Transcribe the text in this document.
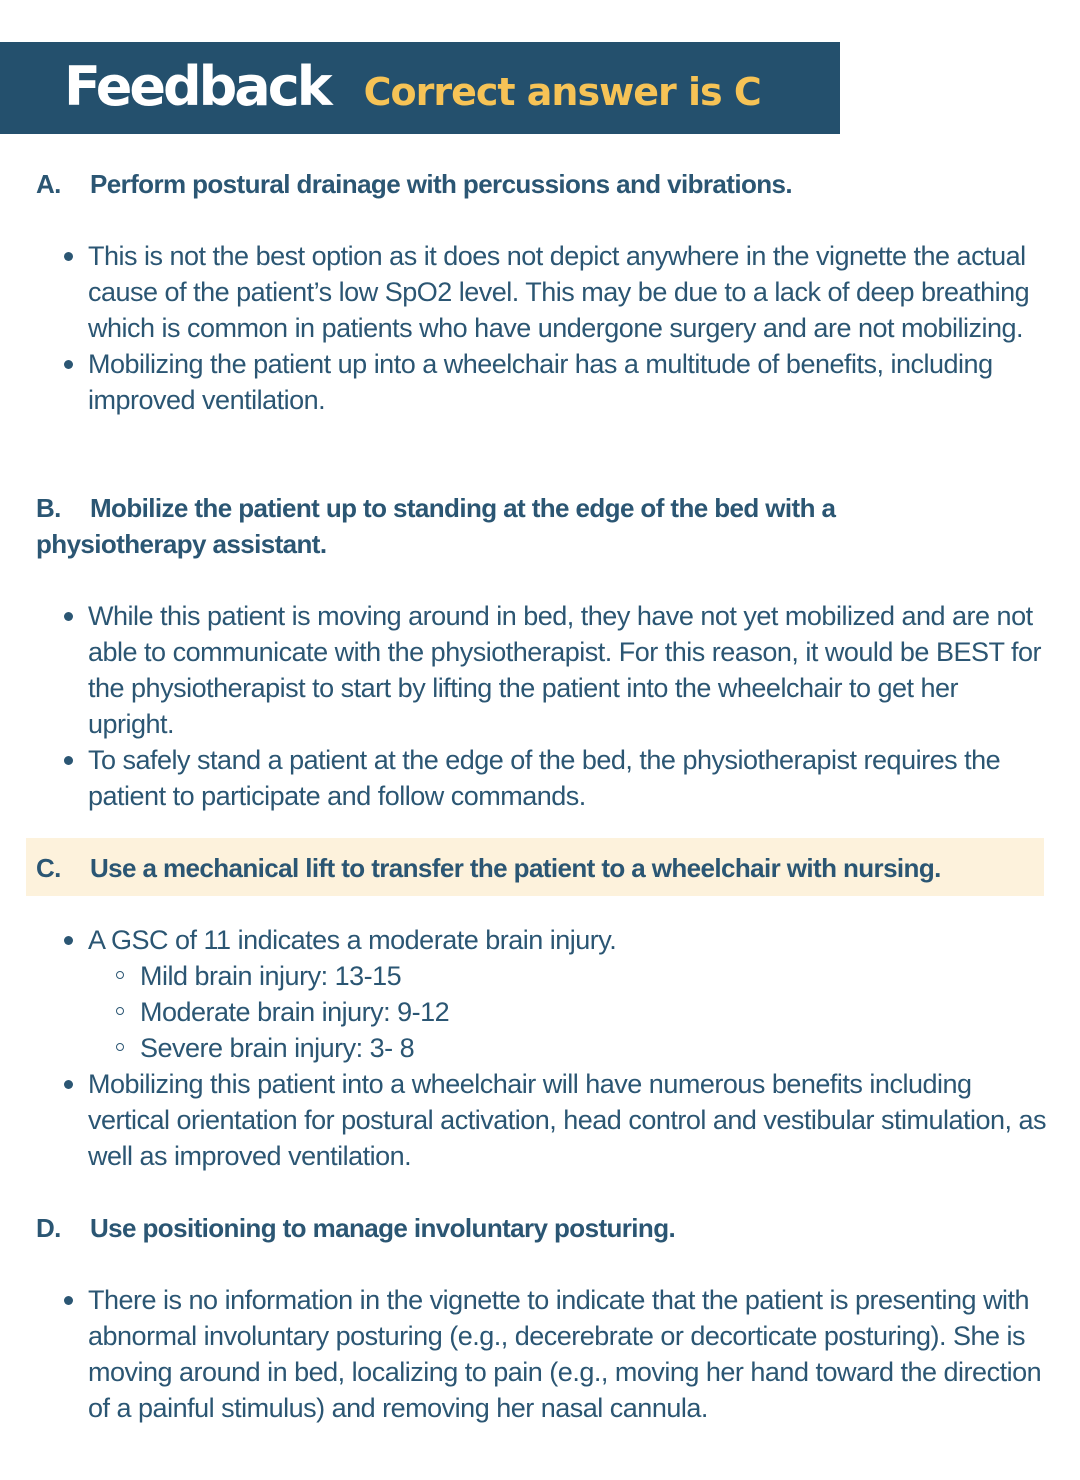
Feedback Correct answer is C
A. Perform postural drainage with percussions and vibrations.
This is not the best option as it does not depict anywhere in the vignette the actual cause of the patient’s low SpO2 level. This may be due to a lack of deep breathing which is common in patients who have undergone surgery and are not mobilizing.
Mobilizing the patient up into a wheelchair has a multitude of benefits, including improved ventilation.
B. Mobilize the patient up to standing at the edge of the bed with a physiotherapy assistant.
While this patient is moving around in bed, they have not yet mobilized and are not able to communicate with the physiotherapist. For this reason, it would be BEST for the physiotherapist to start by lifting the patient into the wheelchair to get her upright.
To safely stand a patient at the edge of the bed, the physiotherapist requires the patient to participate and follow commands.
C. Use a mechanical lift to transfer the patient to a wheelchair with nursing.
A GSC of 11 indicates a moderate brain injury.
Mild brain injury: 13-15
Moderate brain injury: 9-12
Severe brain injury: 3- 8
Mobilizing this patient into a wheelchair will have numerous benefits including vertical orientation for postural activation, head control and vestibular stimulation, as well as improved ventilation.
D. Use positioning to manage involuntary posturing.
There is no information in the vignette to indicate that the patient is presenting with abnormal involuntary posturing (e.g., decerebrate or decorticate posturing). She is moving around in bed, localizing to pain (e.g., moving her hand toward the direction of a painful stimulus) and removing her nasal cannula.
